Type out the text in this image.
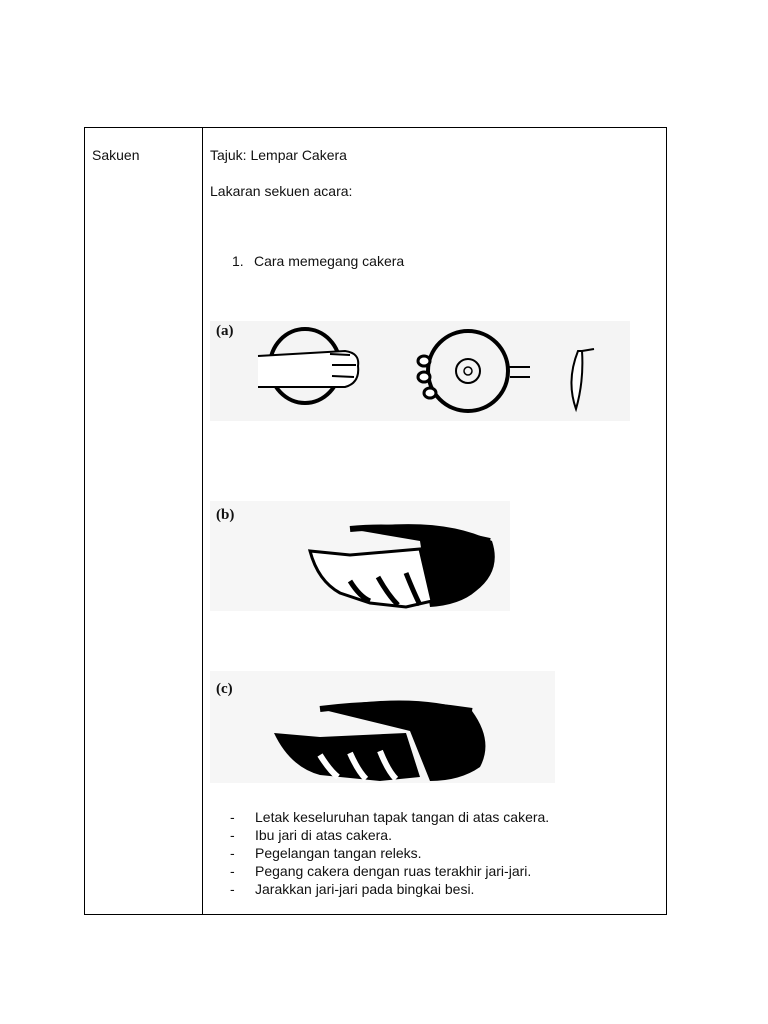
Sakuen	Tajuk: Lempar Cakera
Lakaran sekuen acara:
1. Cara memegang cakera
(a)
(b)
(c)
- Letak keseluruhan tapak tangan di atas cakera.
- Ibu jari di atas cakera.
- Pegelangan tangan releks.
- Pegang cakera dengan ruas terakhir jari-jari.
- Jarakkan jari-jari pada bingkai besi.
